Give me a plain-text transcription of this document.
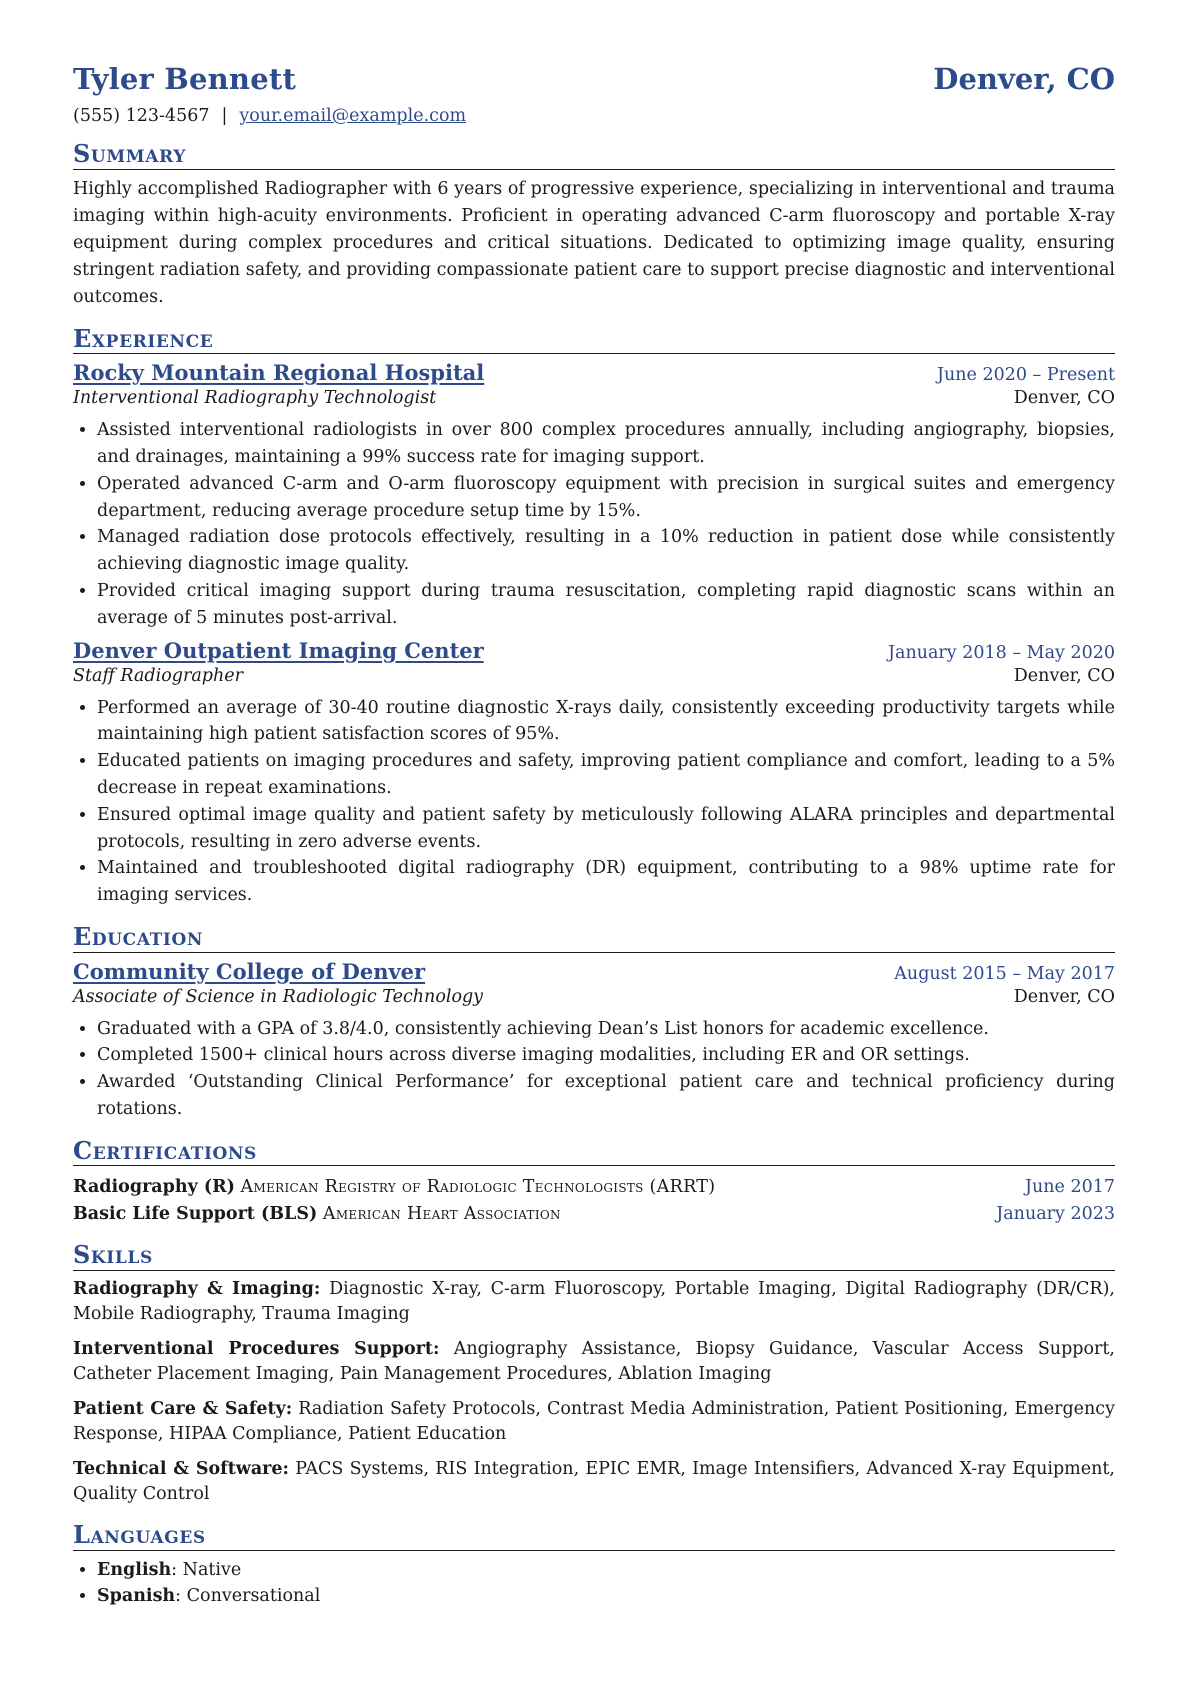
Tyler Bennett	Denver, CO
(555) 123-4567 | your.email@example.com
Summary
Highly accomplished Radiographer with 6 years of progressive experience, specializing in interventional and trauma imaging within high-acuity environments. Proficient in operating advanced C-arm fluoroscopy and portable X-ray equipment during complex procedures and critical situations. Dedicated to optimizing image quality, ensuring stringent radiation safety, and providing compassionate patient care to support precise diagnostic and interventional outcomes.
Experience
Rocky Mountain Regional Hospital	June 2020 – Present
Interventional Radiography Technologist	Denver, CO
• Assisted interventional radiologists in over 800 complex procedures annually, including angiography, biopsies, and drainages, maintaining a 99% success rate for imaging support.
• Operated advanced C-arm and O-arm fluoroscopy equipment with precision in surgical suites and emergency department, reducing average procedure setup time by 15%.
• Managed radiation dose protocols effectively, resulting in a 10% reduction in patient dose while consistently achieving diagnostic image quality.
• Provided critical imaging support during trauma resuscitation, completing rapid diagnostic scans within an average of 5 minutes post-arrival.
Denver Outpatient Imaging Center	January 2018 – May 2020
Staff Radiographer	Denver, CO
• Performed an average of 30-40 routine diagnostic X-rays daily, consistently exceeding productivity targets while maintaining high patient satisfaction scores of 95%.
• Educated patients on imaging procedures and safety, improving patient compliance and comfort, leading to a 5% decrease in repeat examinations.
• Ensured optimal image quality and patient safety by meticulously following ALARA principles and departmental protocols, resulting in zero adverse events.
• Maintained and troubleshooted digital radiography (DR) equipment, contributing to a 98% uptime rate for imaging services.
Education
Community College of Denver	August 2015 – May 2017
Associate of Science in Radiologic Technology	Denver, CO
• Graduated with a GPA of 3.8/4.0, consistently achieving Dean’s List honors for academic excellence.
• Completed 1500+ clinical hours across diverse imaging modalities, including ER and OR settings.
• Awarded ‘Outstanding Clinical Performance’ for exceptional patient care and technical proficiency during rotations.
Certifications
Radiography (R) American Registry of Radiologic Technologists (ARRT)	June 2017
Basic Life Support (BLS) American Heart Association	January 2023
Skills
Radiography & Imaging: Diagnostic X-ray, C-arm Fluoroscopy, Portable Imaging, Digital Radiography (DR/CR), Mobile Radiography, Trauma Imaging
Interventional Procedures Support: Angiography Assistance, Biopsy Guidance, Vascular Access Support, Catheter Placement Imaging, Pain Management Procedures, Ablation Imaging
Patient Care & Safety: Radiation Safety Protocols, Contrast Media Administration, Patient Positioning, Emergency Response, HIPAA Compliance, Patient Education
Technical & Software: PACS Systems, RIS Integration, EPIC EMR, Image Intensifiers, Advanced X-ray Equipment, Quality Control
Languages
• English: Native
• Spanish: Conversational
